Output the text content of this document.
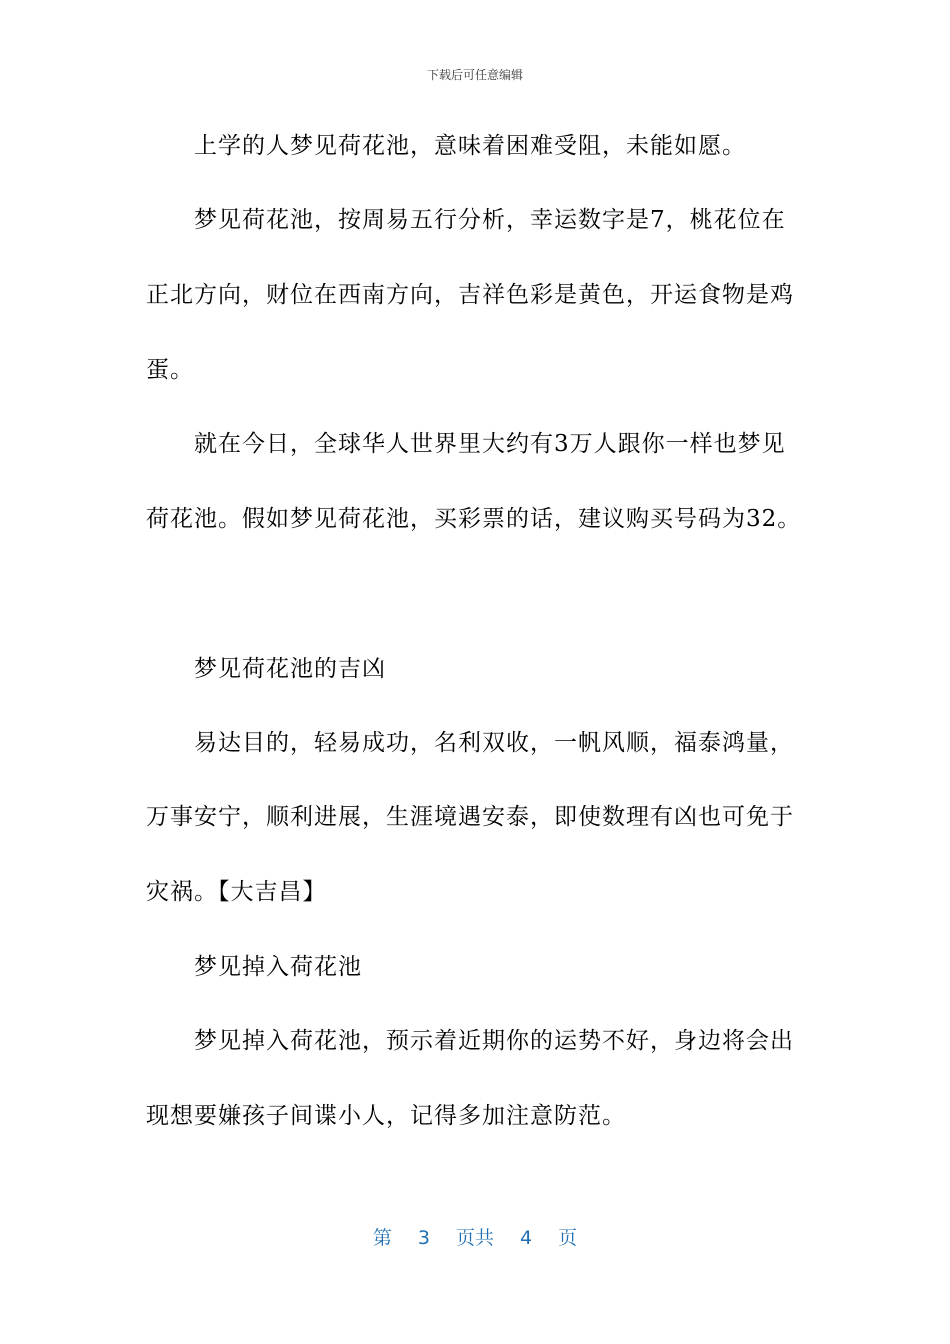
下载后可任意编辑
上学的人梦见荷花池，意味着困难受阻，未能如愿。
梦见荷花池，按周易五行分析，幸运数字是7，桃花位在
正北方向，财位在西南方向，吉祥色彩是黄色，开运食物是鸡
蛋。
就在今日，全球华人世界里大约有3万人跟你一样也梦见
荷花池。假如梦见荷花池，买彩票的话，建议购买号码为32。
梦见荷花池的吉凶
易达目的，轻易成功，名利双收，一帆风顺，福泰鸿量，
万事安宁，顺利进展，生涯境遇安泰，即使数理有凶也可免于
灾祸。【大吉昌】
梦见掉入荷花池
梦见掉入荷花池，预示着近期你的运势不好，身边将会出
现想要嫌孩子间谍小人，记得多加注意防范。
第 3 页共 4 页
